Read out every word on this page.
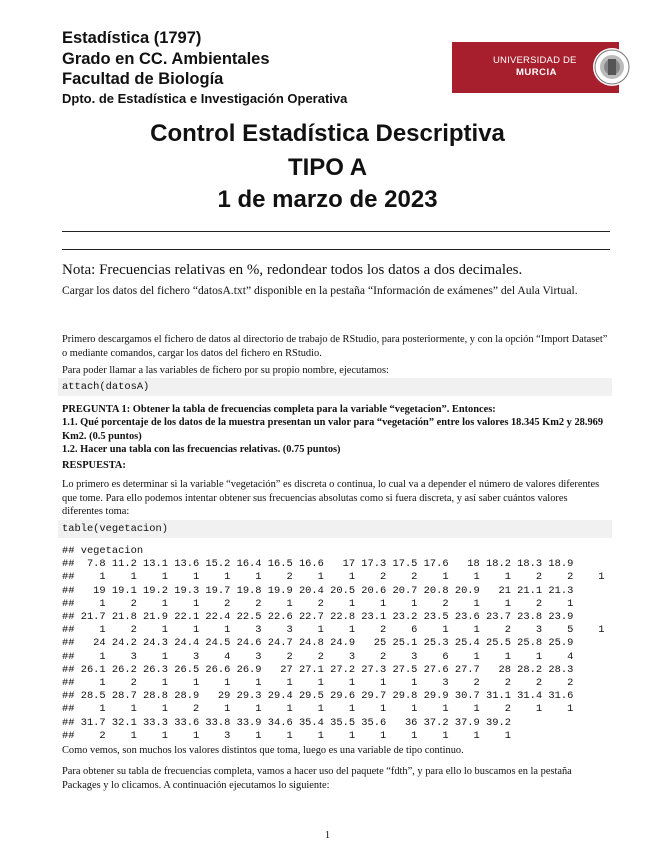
Estadística (1797)
Grado en CC. Ambientales
Facultad de Biología
Dpto. de Estadística e Investigación Operativa
UNIVERSIDAD DE
MURCIA
Control Estadística Descriptiva
TIPO A
1 de marzo de 2023
Nota: Frecuencias relativas en %, redondear todos los datos a dos decimales.
Cargar los datos del fichero “datosA.txt” disponible en la pestaña “Información de exámenes” del Aula Virtual.
Primero descargamos el fichero de datos al directorio de trabajo de RStudio, para posteriormente, y con la opción “Import Dataset” o mediante comandos, cargar los datos del fichero en RStudio.
Para poder llamar a las variables de fichero por su propio nombre, ejecutamos:
attach(datosA)
PREGUNTA 1: Obtener la tabla de frecuencias completa para la variable “vegetacion”. Entonces:
1.1. Qué porcentaje de los datos de la muestra presentan un valor para “vegetación” entre los valores 18.345 Km2 y 28.969 Km2. (0.5 puntos)
1.2. Hacer una tabla con las frecuencias relativas. (0.75 puntos)
RESPUESTA:
Lo primero es determinar si la variable “vegetación” es discreta o continua, lo cual va a depender el número de valores diferentes que tome. Para ello podemos intentar obtener sus frecuencias absolutas como si fuera discreta, y así saber cuántos valores diferentes toma:
table(vegetacion)
## vegetacion
##  7.8 11.2 13.1 13.6 15.2 16.4 16.5 16.6   17 17.3 17.5 17.6   18 18.2 18.3 18.9
##    1    1    1    1    1    1    2    1    1    2    2    1    1    1    2    2    1
##   19 19.1 19.2 19.3 19.7 19.8 19.9 20.4 20.5 20.6 20.7 20.8 20.9   21 21.1 21.3
##    1    2    1    1    2    2    1    2    1    1    1    2    1    1    2    1
## 21.7 21.8 21.9 22.1 22.4 22.5 22.6 22.7 22.8 23.1 23.2 23.5 23.6 23.7 23.8 23.9
##    1    2    1    1    1    3    3    1    1    2    6    1    1    2    3    5    1
##   24 24.2 24.3 24.4 24.5 24.6 24.7 24.8 24.9   25 25.1 25.3 25.4 25.5 25.8 25.9
##    1    3    1    3    4    3    2    2    3    2    3    6    1    1    1    4
## 26.1 26.2 26.3 26.5 26.6 26.9   27 27.1 27.2 27.3 27.5 27.6 27.7   28 28.2 28.3
##    1    2    1    1    1    1    1    1    1    1    1    3    2    2    2    2
## 28.5 28.7 28.8 28.9   29 29.3 29.4 29.5 29.6 29.7 29.8 29.9 30.7 31.1 31.4 31.6
##    1    1    1    2    1    1    1    1    1    1    1    1    1    2    1    1
## 31.7 32.1 33.3 33.6 33.8 33.9 34.6 35.4 35.5 35.6   36 37.2 37.9 39.2
##    2    1    1    1    3    1    1    1    1    1    1    1    1    1
Como vemos, son muchos los valores distintos que toma, luego es una variable de tipo continuo.
Para obtener su tabla de frecuencias completa, vamos a hacer uso del paquete “fdth”, y para ello lo buscamos en la pestaña Packages y lo clicamos. A continuación ejecutamos lo siguiente:
1
